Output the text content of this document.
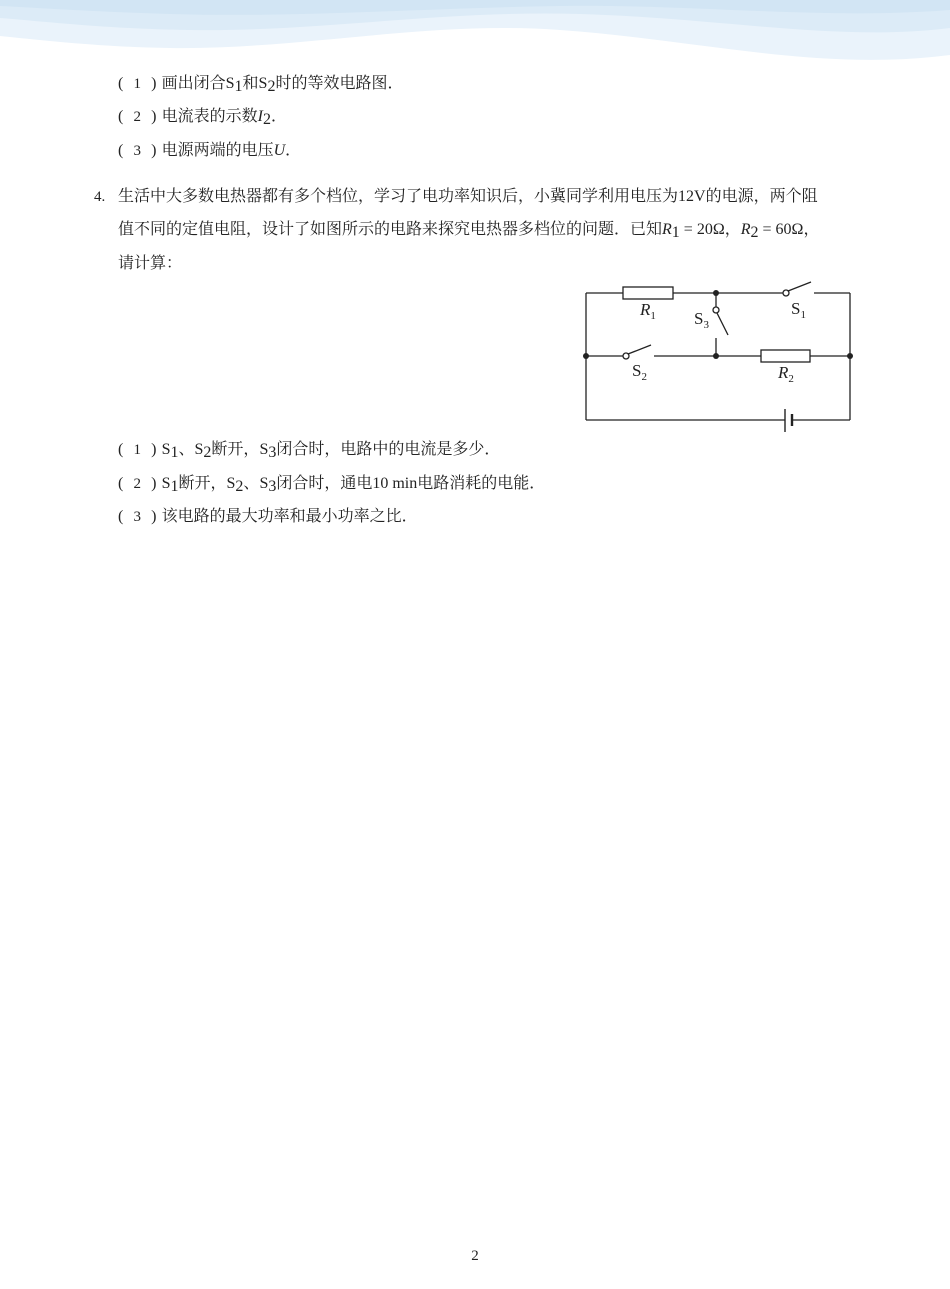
( 1 ) 画出闭合$S_1$和$S_2$时的等效电路图．
( 2 ) 电流表的示数$I_2$．
( 3 ) 电源两端的电压U．
4. 生活中大多数电热器都有多个档位，学习了电功率知识后，小冀同学利用电压为12V的电源，两个阻
值不同的定值电阻，设计了如图所示的电路来探究电热器多档位的问题．已知$R_1 = 20\Omega$，$R_2 = 60\Omega$，
请计算：
$R_1$ $S_3$
$S_1$
$S_2$	$R_2$
( 1 ) $S_1$、$S_2$断开，$S_3$闭合时，电路中的电流是多少．
( 2 ) $S_1$断开，$S_2$、$S_3$闭合时，通电10 min电路消耗的电能．
( 3 ) 该电路的最大功率和最小功率之比．
2
